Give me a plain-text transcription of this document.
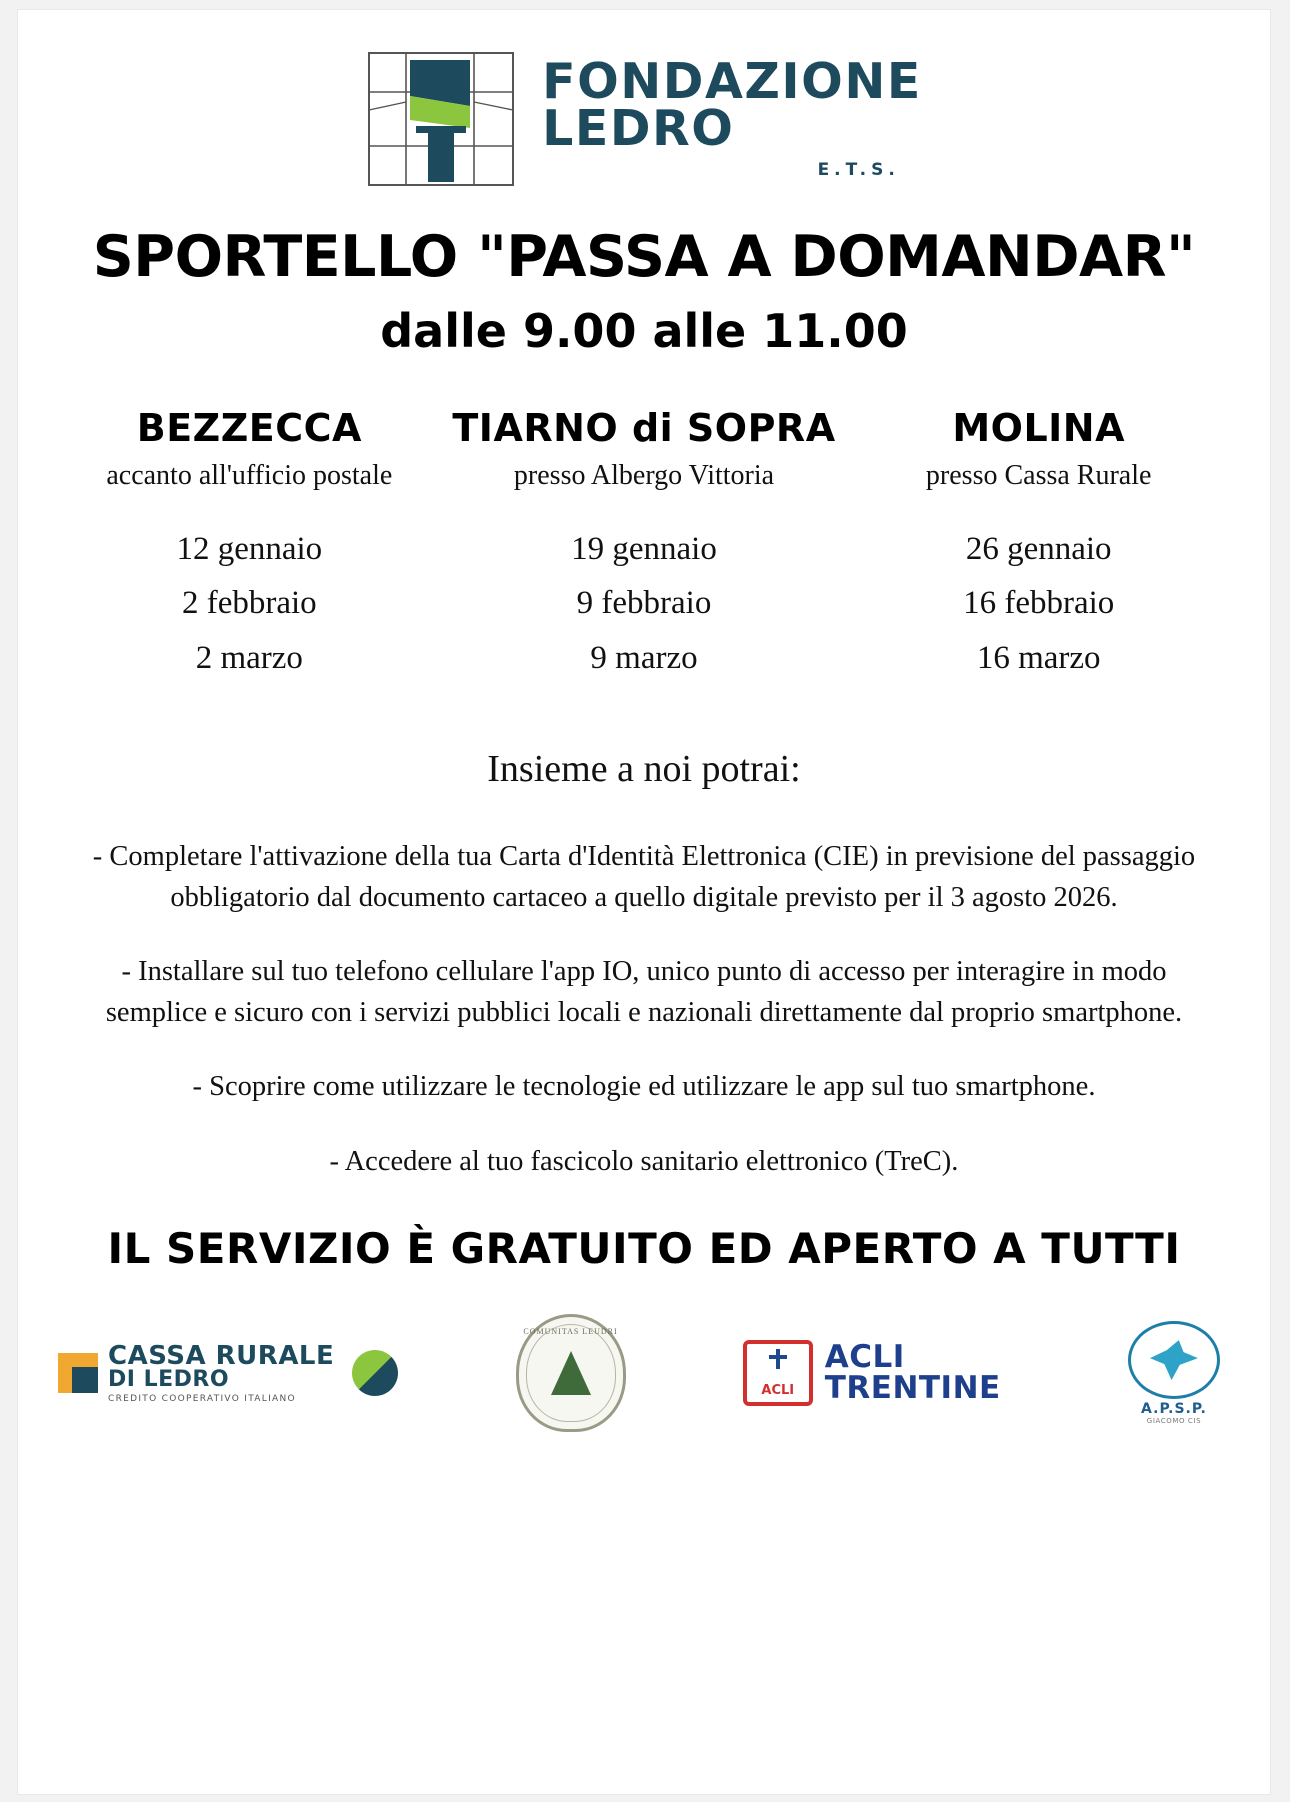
FONDAZIONE
LEDRO
E.T.S.
SPORTELLO "PASSA A DOMANDAR"
dalle 9.00 alle 11.00
BEZZECCA
accanto all'ufficio postale
12 gennaio
2 febbraio
2 marzo
TIARNO di SOPRA
presso Albergo Vittoria
19 gennaio
9 febbraio
9 marzo
MOLINA
presso Cassa Rurale
26 gennaio
16 febbraio
16 marzo
Insieme a noi potrai:
- Completare l'attivazione della tua Carta d'Identità Elettronica (CIE) in previsione del passaggio obbligatorio dal documento cartaceo a quello digitale previsto per il 3 agosto 2026.
- Installare sul tuo telefono cellulare l'app IO, unico punto di accesso per interagire in modo semplice e sicuro con i servizi pubblici locali e nazionali direttamente dal proprio smartphone.
- Scoprire come utilizzare le tecnologie ed utilizzare le app sul tuo smartphone.
- Accedere al tuo fascicolo sanitario elettronico (TreC).
IL SERVIZIO È GRATUITO ED APERTO A TUTTI
CASSA RURALE
DI LEDRO
CREDITO COOPERATIVO ITALIANO
COMUNITAS LEUDRI
ACLI
ACLI
TRENTINE
A.P.S.P.
GIACOMO CIS
